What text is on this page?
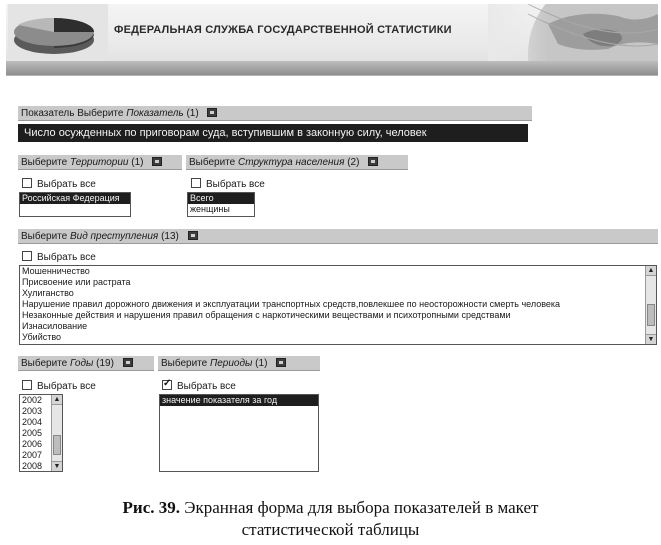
ФЕДЕРАЛЬНАЯ СЛУЖБА ГОСУДАРСТВЕННОЙ СТАТИСТИКИ
Показатель Выберите Показатель (1)
Число осужденных по приговорам суда, вступившим в законную силу, человек
Выберите Территории (1)
Выбрать все
Российская Федерация
Выберите Структура населения (2)
Выбрать все
Всего
женщины
Выберите Вид преступления (13)
Выбрать все
Мошенничество
Присвоение или растрата
Хулиганство
Нарушение правил дорожного движения и эксплуатации транспортных средств,повлекшее по неосторожности смерть человека
Незаконные действия и нарушения правил обращения с наркотическими веществами и психотропными средствами
Изнасилование
Убийство
▲
▼
Выберите Годы (19)
Выбрать все
2002
2003
2004
2005
2006
2007
2008
▲
▼
Выберите Периоды (1)
✓Выбрать все
значение показателя за год
Рис. 39. Экранная форма для выбора показателей в макет
статистической таблицы
